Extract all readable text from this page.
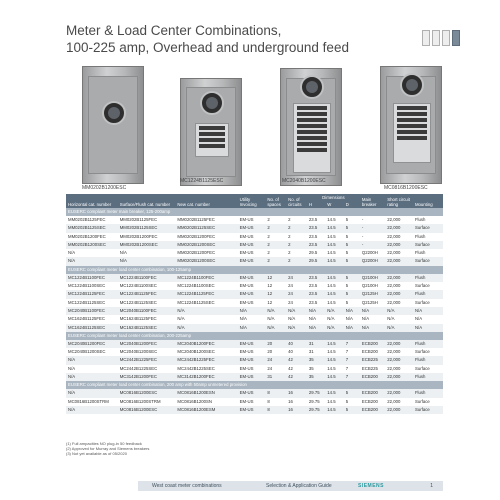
Meter & Load Center Combinations,
100-225 amp, Overhead and underground feed
MM0202B1200ESC
MC1224B1125ESC	MC2040B1200ESC
MC0816B1200ESC
Horizontal cat. number	Surface/Flush cat. number	New cat. number	Utility Invoicing	No. of spaces	No. of circuits	Dimensions			Main breaker	Short circuit rating	Mounting
						H	W	D			
EUSERC compliant meter main breaker, 125-200amp											
MM0202B1125FEC	MM0202B1125FEC	MM0202B1125FEC	EM-US	2	2	23.5	14.5	5	-	22,000	Flush
MM0202B1125SEC	MM0202B1125SEC	MM0202B1125SEC	EM-US	2	2	23.5	14.5	5	-	22,000	Surface
MM0202B1200FEC	MM0202B1200FEC	MM0202B1200FEC	EM-US	2	2	23.5	14.5	5	-	22,000	Flush
MM0202B1200SEC	MM0202B1200SEC	MM0202B1200SEC	EM-US	2	2	23.5	14.5	5	-	22,000	Surface
N/A	N/A	MM0202B1200FEC	EM-US	2	2	29.5	14.5	5	Q2200H	22,000	Flush
N/A	N/A	MM0202B1200SEC	EM-US	2	2	29.5	14.5	5	Q2200H	22,000	Surface
EUSERC compliant meter load center combination, 100-125amp											
MC1224B1100FEC	MC1224B1100FEC	MC1224B1100FEC	EM-US	12	24	23.5	14.5	5	Q2100H	22,000	Flush
MC1224B1100SEC	MC1224B1100SEC	MC1224B1100SEC	EM-US	12	24	23.5	14.5	5	Q2100H	22,000	Surface
MC1224B1125FEC	MC1224B1125FEC	MC1224B1125FEC	EM-US	12	24	23.5	14.5	5	Q2125H	22,000	Flush
MC1224B1125SEC	MC1224B1125SEC	MC1224B1125SEC	EM-US	12	24	23.5	14.5	5	Q2125H	22,000	Surface
MC2040B1100FEC	MC2040B1100FEC	N/A	N/A	N/A	N/A	N/A	N/A	N/A	N/A	N/A	N/A
MC1624B1125FEC	MC1624B1125FEC	N/A	N/A	N/A	N/A	N/A	N/A	N/A	N/A	N/A	N/A
MC1624B1125SEC	MC1624B1125SEC	N/A	N/A	N/A	N/A	N/A	N/A	N/A	N/A	N/A	N/A
EUSERC compliant meter load center combination, 200-225amp											
MC2040B1200FEC	MC2040B1200FEC	MC2040B1200FEC	EM-US	20	40	31	14.5	7	ECB200	22,000	Flush
MC2040B1200SEC	MC2040B1200SEC	MC2040B1200SEC	EM-US	20	40	31	14.5	7	ECB200	22,000	Surface
N/A	MC2442B1225FEC	MC2442B1225FEC	EM-US	24	42	35	14.5	7	ECB225	22,000	Flush
N/A	MC2442B1225SEC	MC2442B1225SEC	EM-US	24	42	35	14.5	7	ECB225	22,000	Surface
N/A	MC3142B1200FEC	MC3142B1200FEC	EM-US	31	42	35	14.5	7	ECB200	22,000	Flush
EUSERC compliant meter load center combination, 200 amp with 50amp unmetered provision											
N/A	MC0816B1200ESC	MC0816B1200ESN	EM-US	8	16	29.75	14.5	5	ECB200	22,000	Flush
MC0816B1200STRM	MC0816B1200STRM	MC0816B1200SN	EM-US	8	16	29.75	14.5	5	ECB200	22,000	Surface
N/A	MC0816B1200ESC	MC0816B1200ESM	EM-US	8	16	29.75	14.5	5	ECB200	22,000	Surface
(1) Full ampacities NO plug-in 50 feedback
(2) Approved for Murray and Siemens breakers
(3) Not yet available as of 05/2020
West coast meter combinations	Selection & Application Guide	SIEMENS	1
